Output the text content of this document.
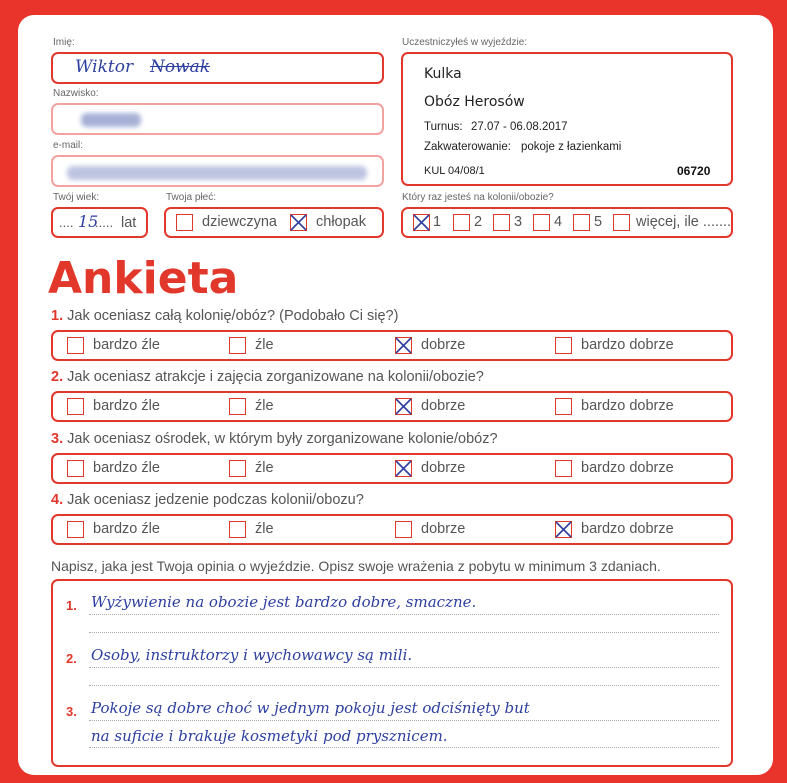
Imię:
Wiktor Nowak
Nazwisko:
e-mail:
Twój wiek:
.... 15
..... lat
Twoja płeć:
dziewczyna	chłopak
Uczestniczyłeś w wyjeździe:
Kulka
Obóz Herosów
Turnus: 27.07 - 06.08.2017
Zakwaterowanie: pokoje z łazienkami
KUL 04/08/1	06720
Który raz jesteś na kolonii/obozie?
1 2 3 4 5 więcej, ile .......
Ankieta
1. Jak oceniasz całą kolonię/obóz? (Podobało Ci się?)
bardzo źle	źle	dobrze	bardzo dobrze
2. Jak oceniasz atrakcje i zajęcia zorganizowane na kolonii/obozie?
bardzo źle	źle	dobrze	bardzo dobrze
3. Jak oceniasz ośrodek, w którym były zorganizowane kolonie/obóz?
bardzo źle	źle	dobrze	bardzo dobrze
4. Jak oceniasz jedzenie podczas kolonii/obozu?
bardzo źle	źle	dobrze	bardzo dobrze
Napisz, jaka jest Twoja opinia o wyjeździe. Opisz swoje wrażenia z pobytu w minimum 3 zdaniach.
1. Wyżywienie na obozie jest bardzo dobre, smaczne.
2. Osoby, instruktorzy i wychowawcy są mili.
3. Pokoje są dobre choć w jednym pokoju jest odciśnięty but
na suficie i brakuje kosmetyki pod prysznicem.
